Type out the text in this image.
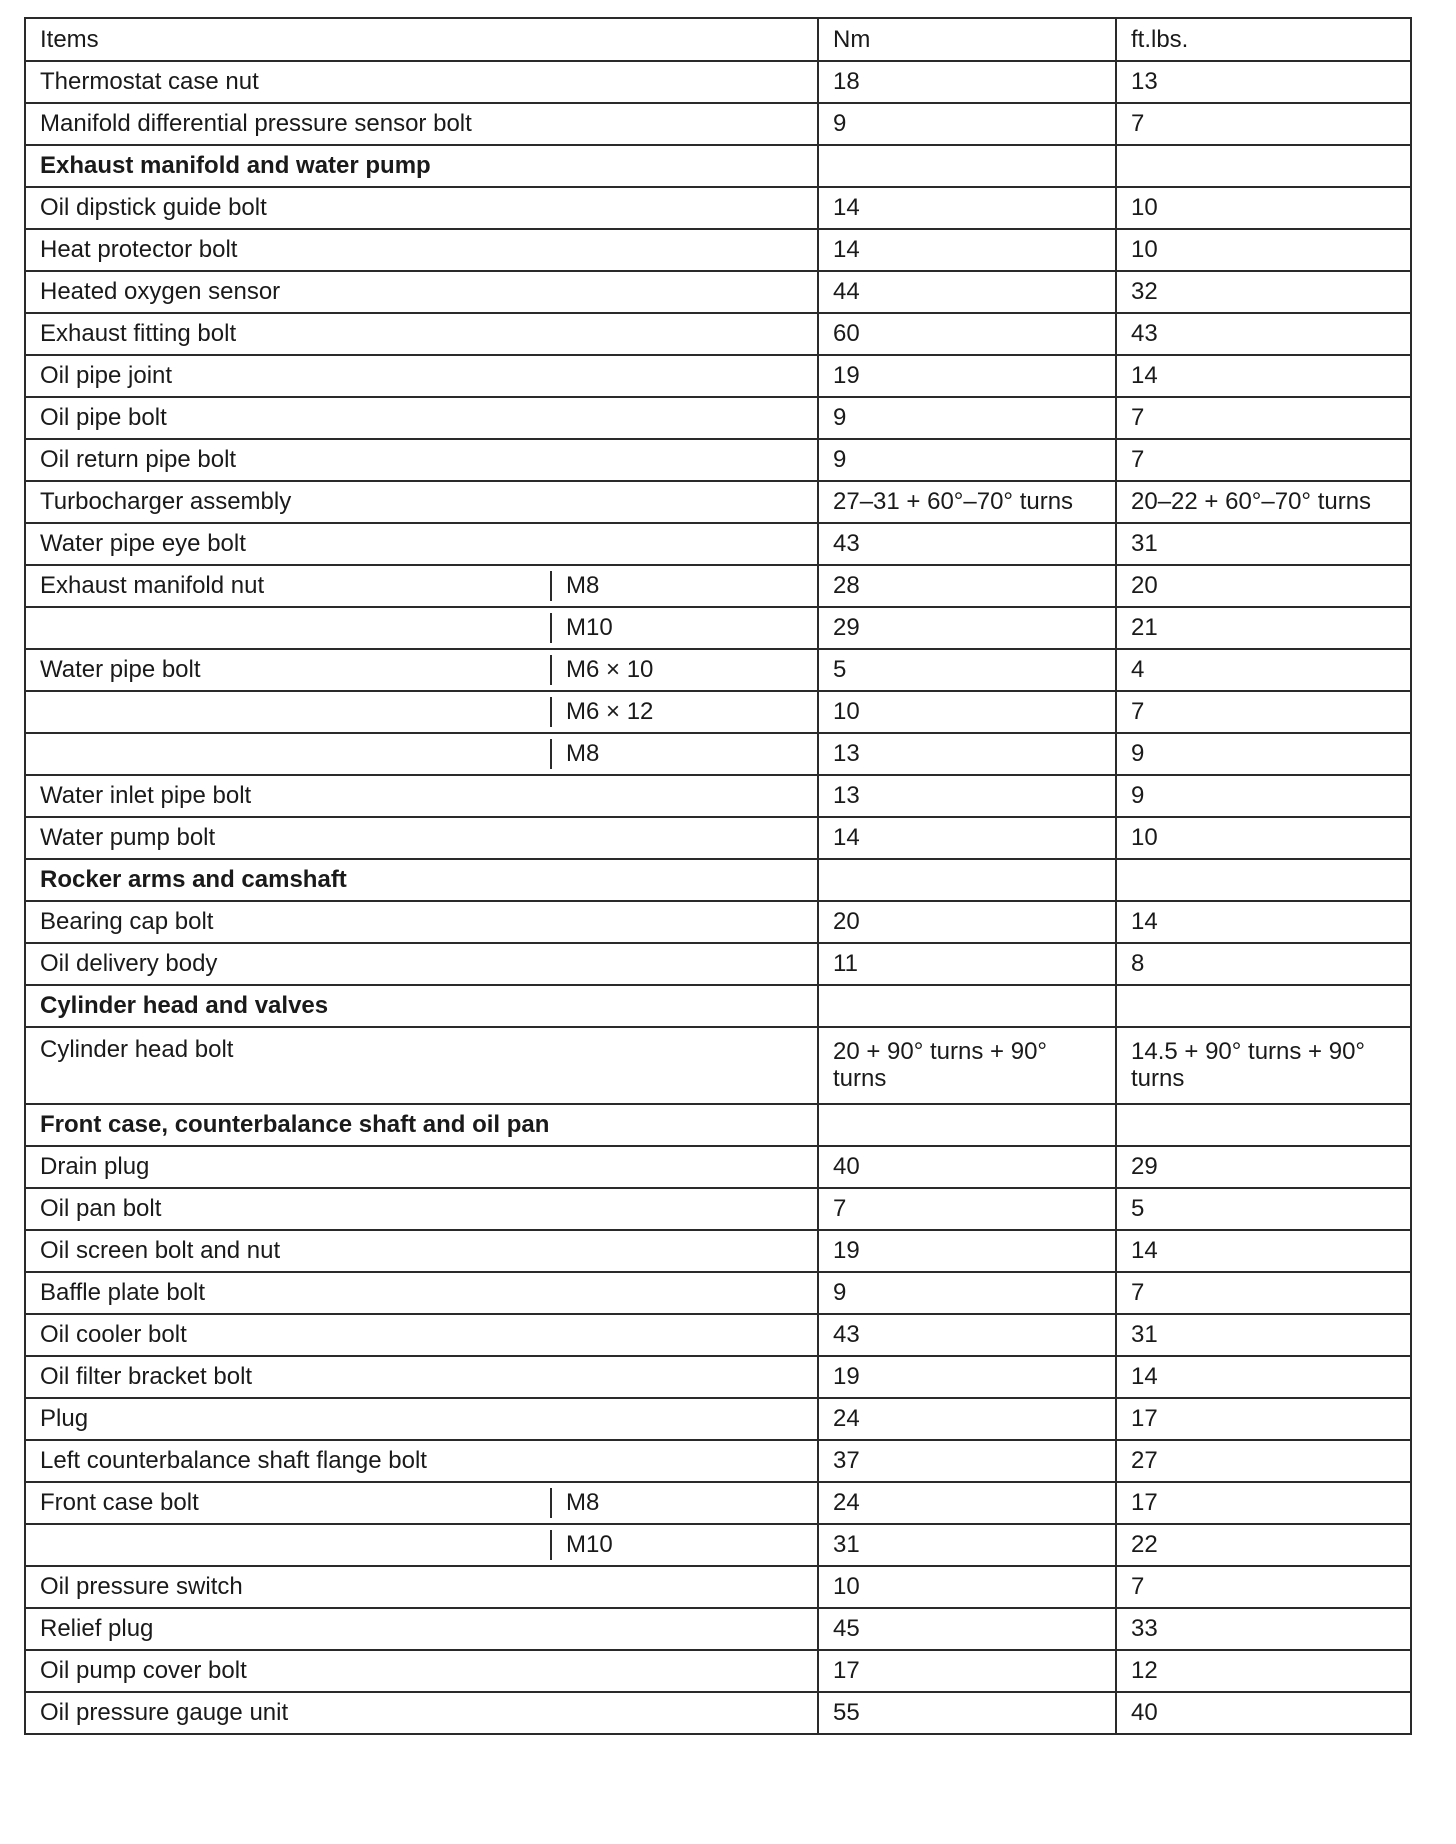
Items		Nm	ft.lbs.
Thermostat case nut		18	13
Manifold differential pressure sensor bolt		9	7
Exhaust manifold and water pump			
Oil dipstick guide bolt		14	10
Heat protector bolt		14	10
Heated oxygen sensor		44	32
Exhaust fitting bolt		60	43
Oil pipe joint		19	14
Oil pipe bolt		9	7
Oil return pipe bolt		9	7
Turbocharger assembly		27–31 + 60°–70° turns	20–22 + 60°–70° turns
Water pipe eye bolt		43	31
Exhaust manifold nut	M8	28	20

	M10	29	21
Water pipe bolt	M6 × 10	5	4

	M6 × 12	10	7

	M8	13	9
Water inlet pipe bolt		13	9
Water pump bolt		14	10
Rocker arms and camshaft			
Bearing cap bolt		20	14
Oil delivery body		11	8
Cylinder head and valves			
Cylinder head bolt		20 + 90° turns + 90° turns	14.5 + 90° turns + 90° turns
Front case, counterbalance shaft and oil pan			
Drain plug		40	29
Oil pan bolt		7	5
Oil screen bolt and nut		19	14
Baffle plate bolt		9	7
Oil cooler bolt		43	31
Oil filter bracket bolt		19	14
Plug		24	17
Left counterbalance shaft flange bolt		37	27
Front case bolt	M8	24	17

	M10	31	22
Oil pressure switch		10	7
Relief plug		45	33
Oil pump cover bolt		17	12
Oil pressure gauge unit		55	40
